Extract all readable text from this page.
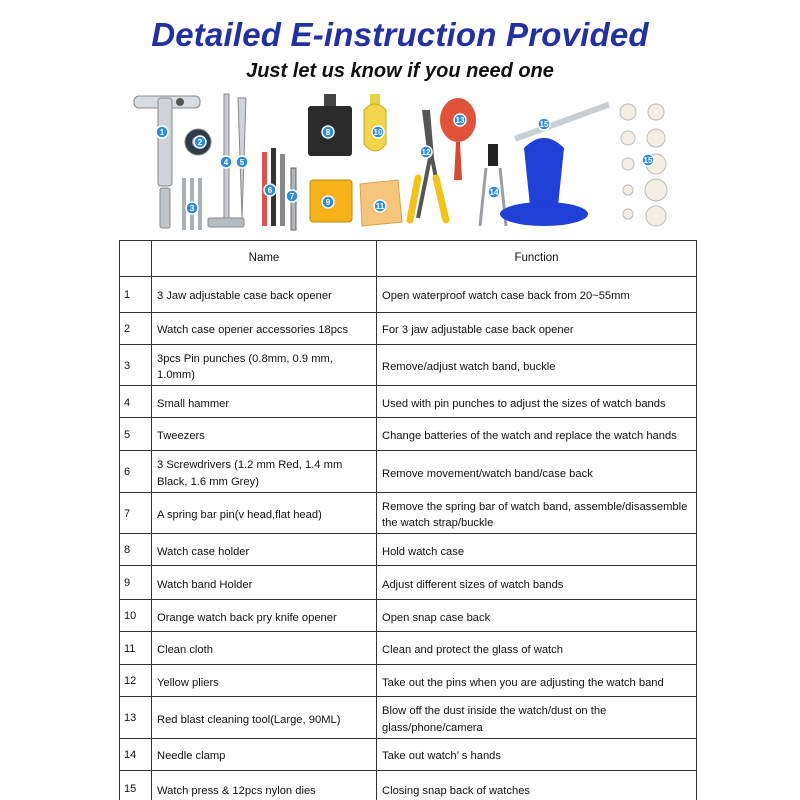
Detailed E-instruction Provided
Just let us know if you need one
1
2
3
4 5
6
7
8
9
10
11
12
13
14
15
15
	Name	Function
1	3 Jaw adjustable case back opener	Open waterproof watch case back from 20~55mm
2	Watch case opener accessories 18pcs	For 3 jaw adjustable case back opener
3	3pcs Pin punches (0.8mm, 0.9 mm, 1.0mm)	Remove/adjust watch band, buckle
4	Small hammer	Used with pin punches to adjust the sizes of watch bands
5	Tweezers	Change batteries of the watch and replace the watch hands
6	3 Screwdrivers (1.2 mm Red, 1.4 mm Black, 1.6 mm Grey)	Remove movement/watch band/case back
7	A spring bar pin(v head,flat head)	Remove the spring bar of watch band, assemble/disassemble the watch strap/buckle
8	Watch case holder	Hold watch case
9	Watch band Holder	Adjust different sizes of watch bands
10	Orange watch back pry knife opener	Open snap case back
11	Clean cloth	Clean and protect the glass of watch
12	Yellow pliers	Take out the pins when you are adjusting the watch band
13	Red blast cleaning tool(Large, 90ML)	Blow off the dust inside the watch/dust on the glass/phone/camera
14	Needle clamp	Take out watch’ s hands
15	Watch press & 12pcs nylon dies	Closing snap back of watches
